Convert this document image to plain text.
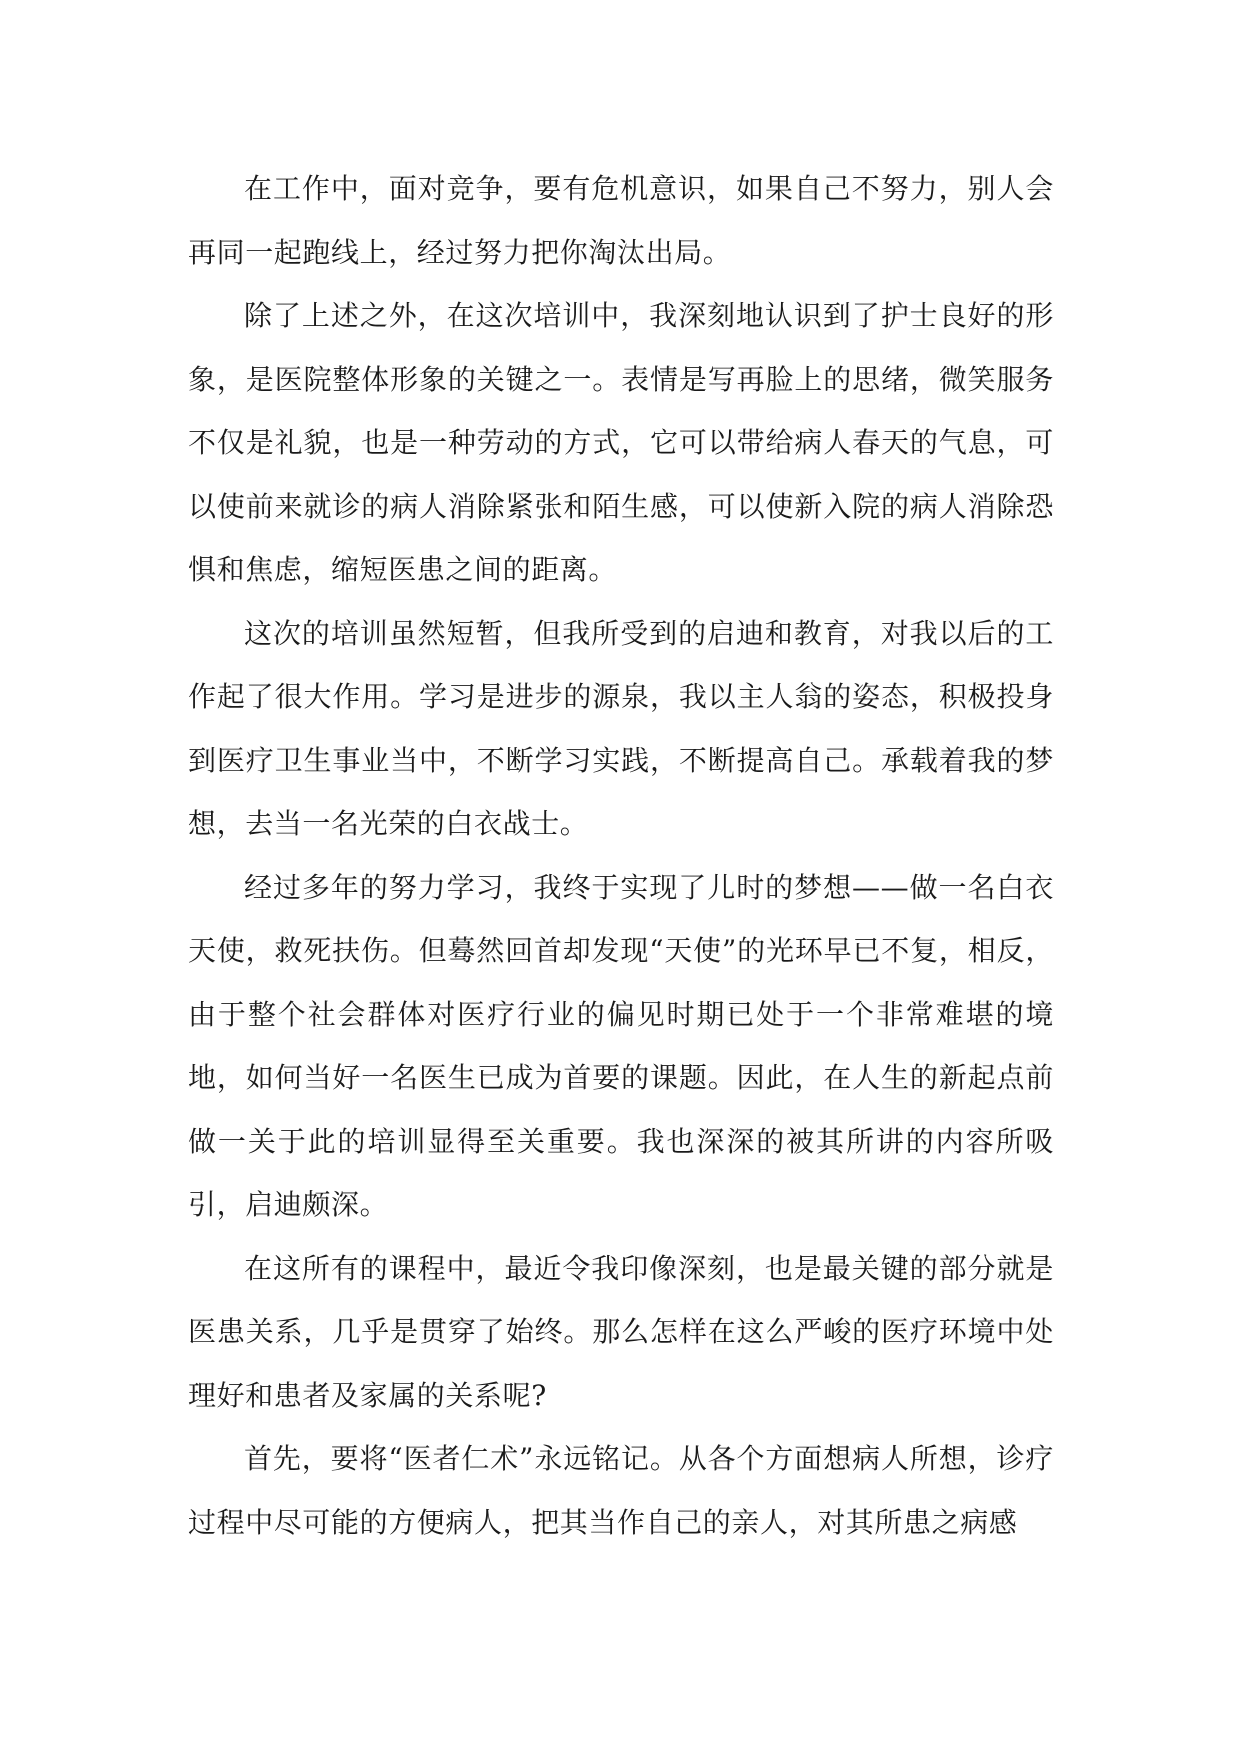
在工作中，面对竞争，要有危机意识，如果自己不努力，别人会再同一起跑线上，经过努力把你淘汰出局。

除了上述之外，在这次培训中，我深刻地认识到了护士良好的形象，是医院整体形象的关键之一。表情是写再脸上的思绪，微笑服务不仅是礼貌，也是一种劳动的方式，它可以带给病人春天的气息，可以使前来就诊的病人消除紧张和陌生感，可以使新入院的病人消除恐惧和焦虑，缩短医患之间的距离。

这次的培训虽然短暂，但我所受到的启迪和教育，对我以后的工作起了很大作用。学习是进步的源泉，我以主人翁的姿态，积极投身到医疗卫生事业当中，不断学习实践，不断提高自己。承载着我的梦想，去当一名光荣的白衣战士。

经过多年的努力学习，我终于实现了儿时的梦想——做一名白衣天使，救死扶伤。但蓦然回首却发现“天使”的光环早已不复，相反，由于整个社会群体对医疗行业的偏见时期已处于一个非常难堪的境地，如何当好一名医生已成为首要的课题。因此，在人生的新起点前做一关于此的培训显得至关重要。我也深深的被其所讲的内容所吸引，启迪颇深。

在这所有的课程中，最近令我印像深刻，也是最关键的部分就是医患关系，几乎是贯穿了始终。那么怎样在这么严峻的医疗环境中处理好和患者及家属的关系呢?

首先，要将“医者仁术”永远铭记。从各个方面想病人所想，诊疗过程中尽可能的方便病人，把其当作自己的亲人，对其所患之病感
